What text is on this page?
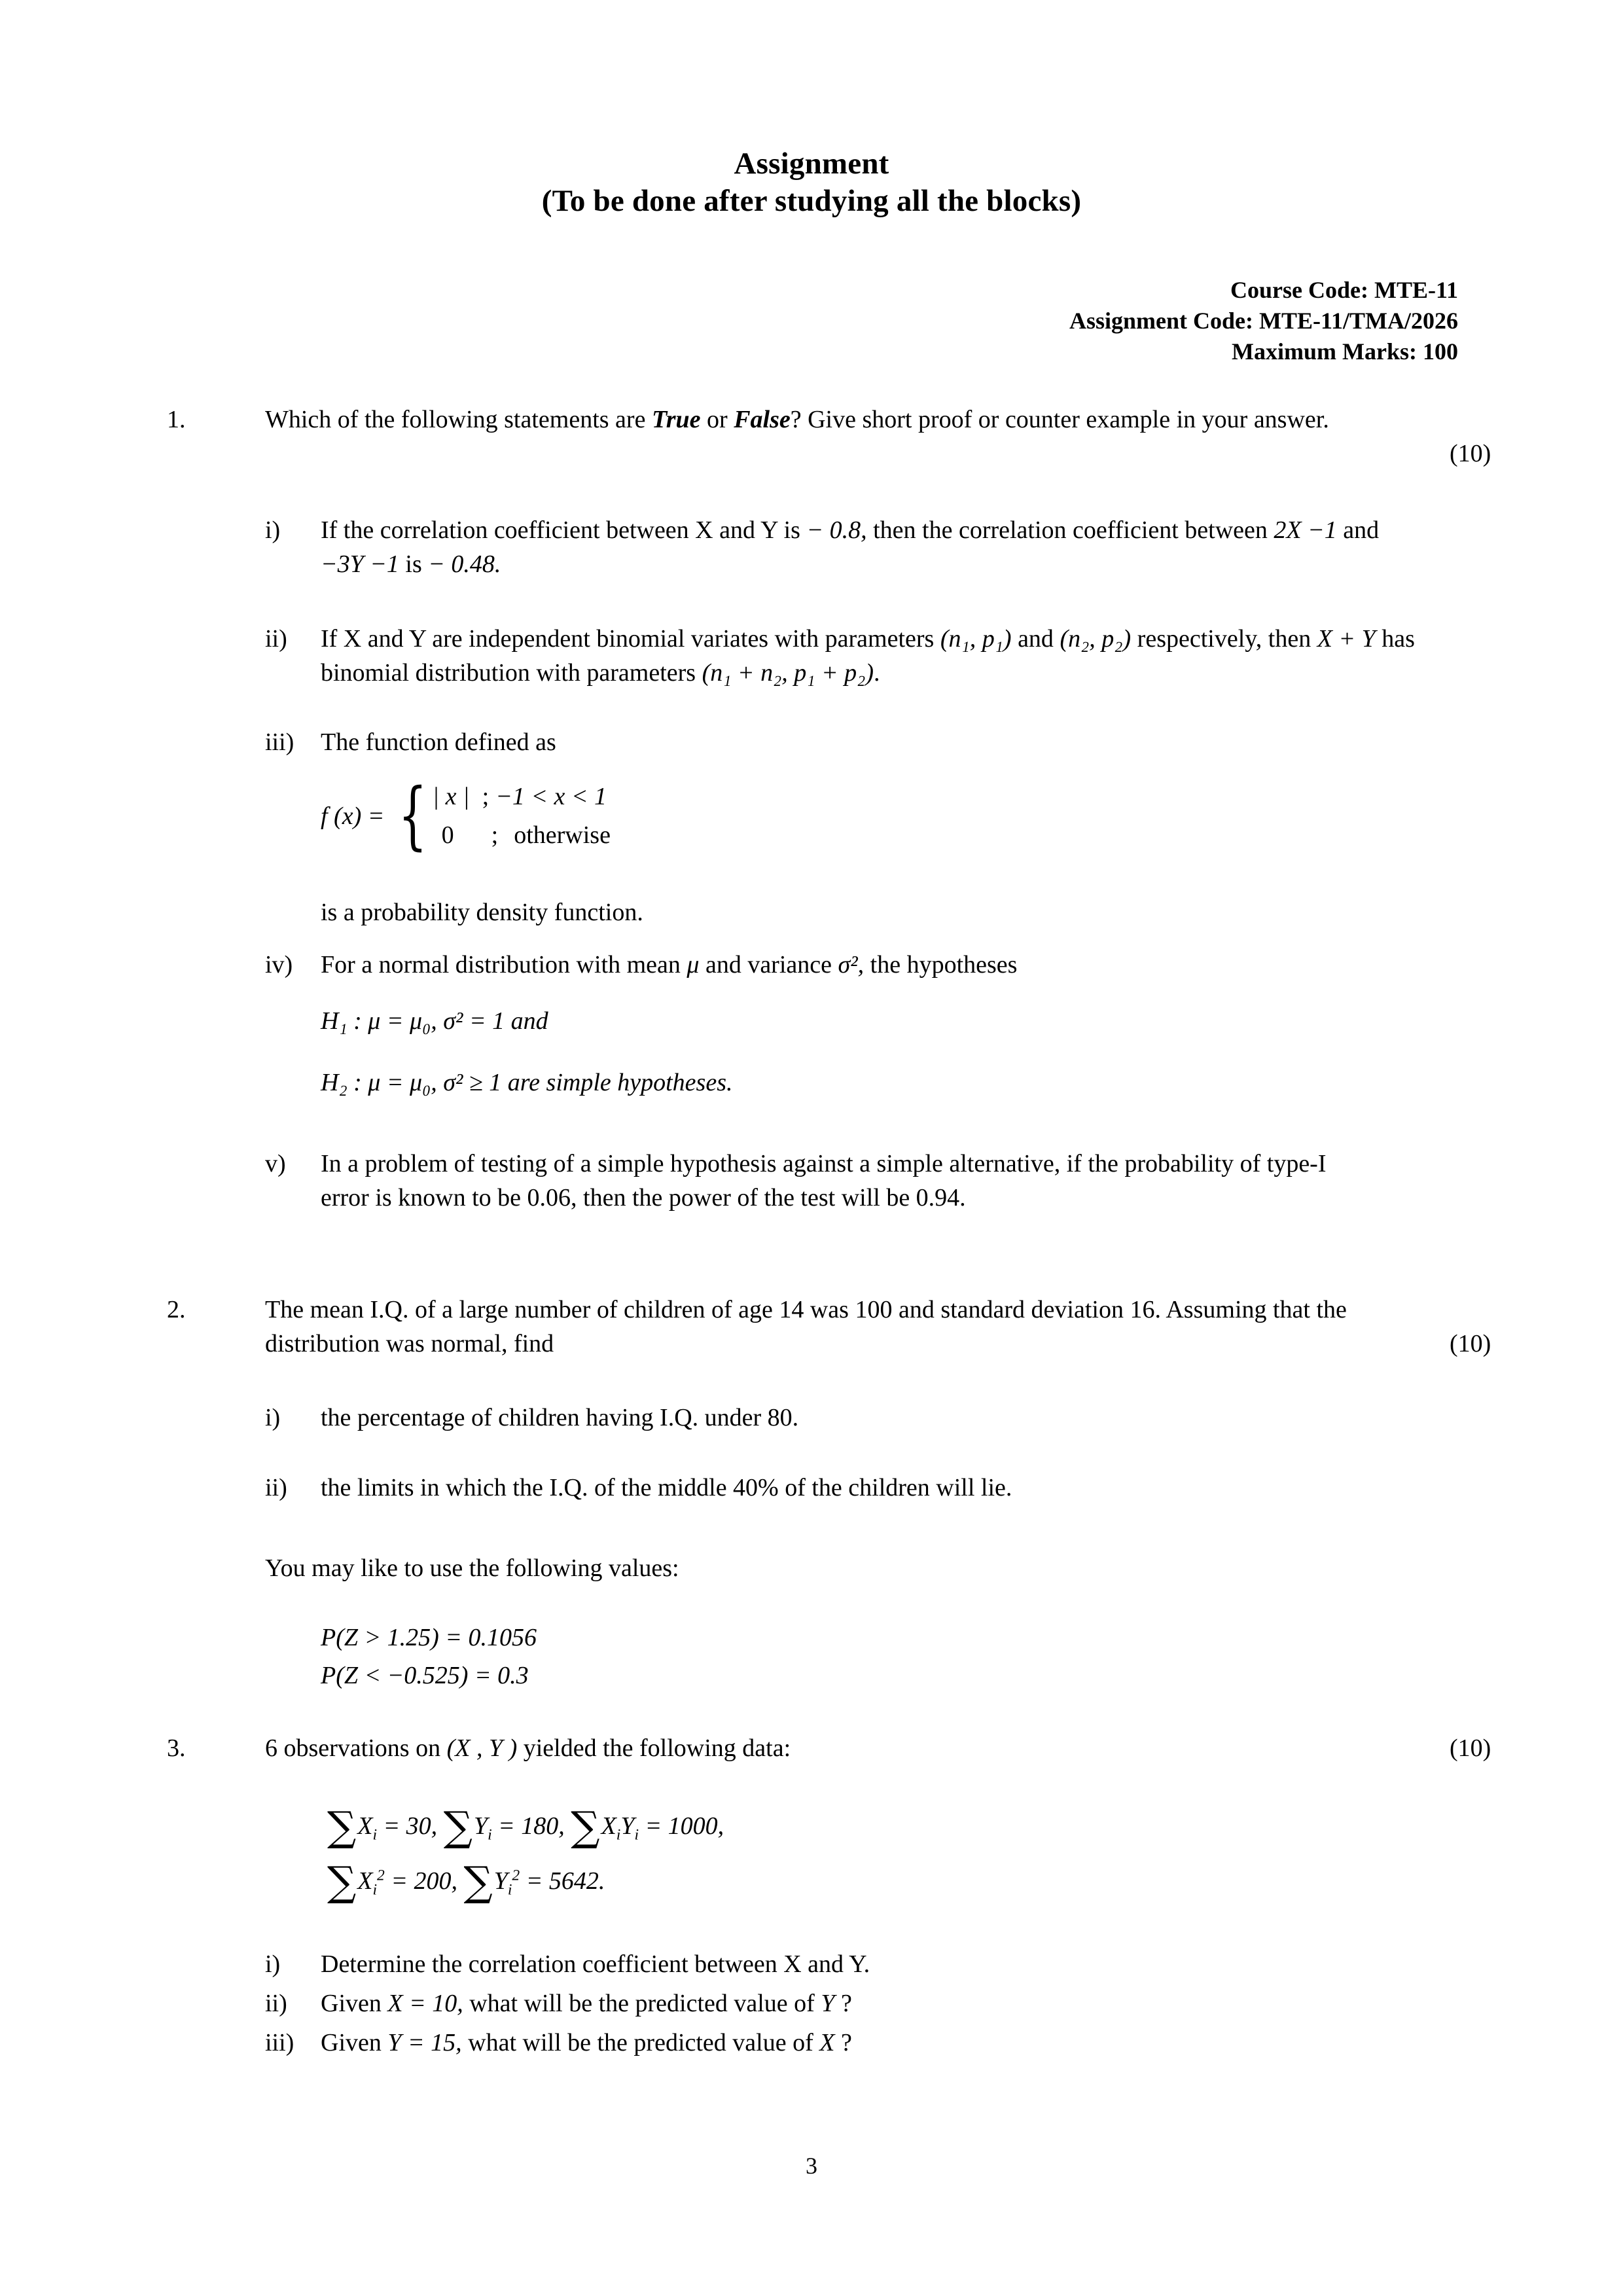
Assignment
(To be done after studying all the blocks)
Course Code: MTE-11
Assignment Code: MTE-11/TMA/2026
Maximum Marks: 100
1.	Which of the following statements are True or False? Give short proof or counter example in your answer.
(10)
i) If the correlation coefficient between X and Y is − 0.8, then the correlation coefficient between 2X −1 and −3Y −1 is − 0.48.
ii) If X and Y are independent binomial variates with parameters (n₁, p₁) and (n₂, p₂) respectively, then X + Y has binomial distribution with parameters (n₁ + n₂, p₁ + p₂).
iii) The function defined as
f (x) = { | x | ; −1 < x < 1
0	; otherwise
is a probability density function.
iv) For a normal distribution with mean μ and variance σ², the hypotheses
H₁ : μ = μ₀, σ² = 1 and
H₂ : μ = μ₀, σ² ≥ 1 are simple hypotheses.
v) In a problem of testing of a simple hypothesis against a simple alternative, if the probability of type-I error is known to be 0.06, then the power of the test will be 0.94.
2.	The mean I.Q. of a large number of children of age 14 was 100 and standard deviation 16. Assuming that the distribution was normal, find	(10)
i) the percentage of children having I.Q. under 80.
ii) the limits in which the I.Q. of the middle 40% of the children will lie.
You may like to use the following values:
P(Z > 1.25) = 0.1056
P(Z < −0.525) = 0.3
3.	6 observations on (X , Y ) yielded the following data:	(10)
$\sum X_i = 30$, $\sum Y_i = 180$, $\sum X_iY_i = 1000$,
$\sum X_i^2 = 200$, $\sum Y_i^2 = 5642$.
i) Determine the correlation coefficient between X and Y.
ii) Given X = 10, what will be the predicted value of Y ?
iii) Given Y = 15, what will be the predicted value of X ?
3
